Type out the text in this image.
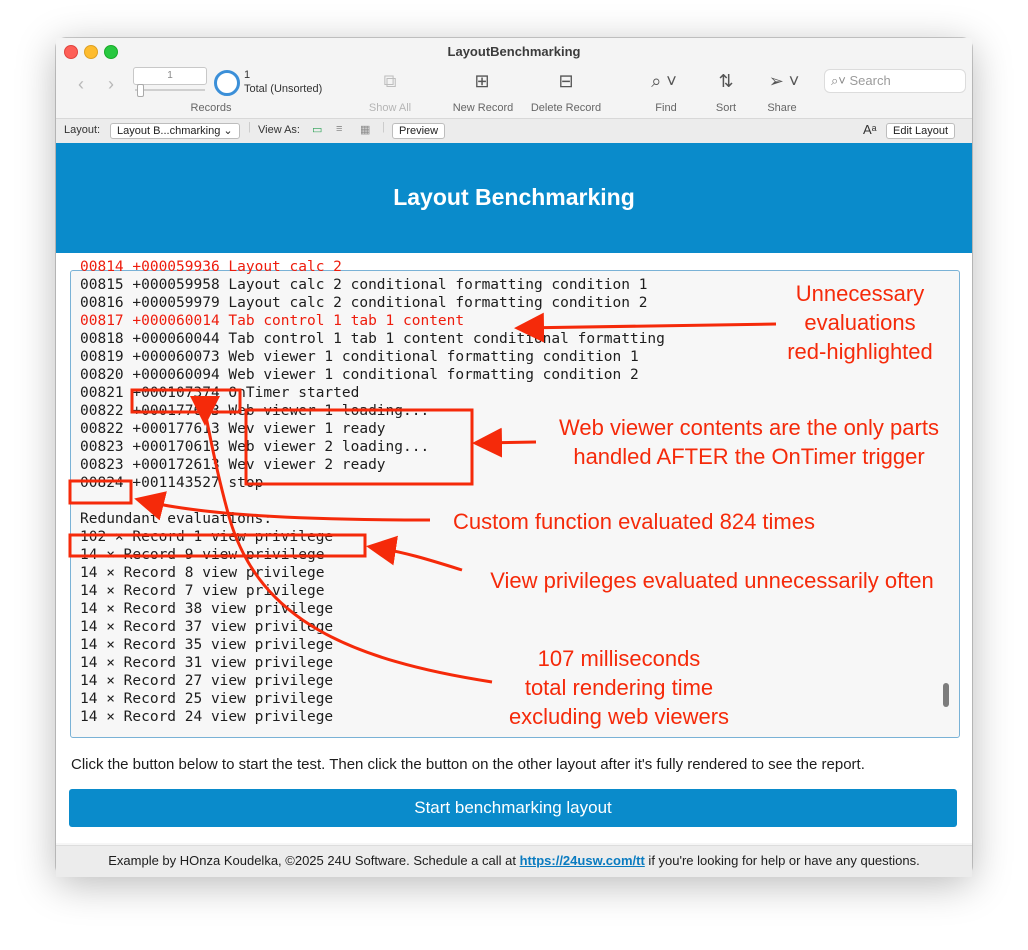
LayoutBenchmarking
‹ ›	1	1
Total (Unsorted)
Records
⧉
Show All
⊞
New Record
⊟
Delete Record
⌕ ˅
Find
⇅
Sort
➢ ˅
Share
⌕˅ Search
Layout:	Layout B...chmarking ⌄	| View As: ▭ ≡ ▦ |	Preview	Aᵃ	Edit Layout
Layout Benchmarking
00814 +000059936 Layout calc 2
00815 +000059958 Layout calc 2 conditional formatting condition 1
00816 +000059979 Layout calc 2 conditional formatting condition 2
00817 +000060014 Tab control 1 tab 1 content
00818 +000060044 Tab control 1 tab 1 content conditional formatting
00819 +000060073 Web viewer 1 conditional formatting condition 1
00820 +000060094 Web viewer 1 conditional formatting condition 2
00821 +000107374 OnTimer started
00822 +000177613 Web viewer 1 loading...
00822 +000177613 Wev viewer 1 ready
00823 +000170613 Web viewer 2 loading...
00823 +000172613 Wev viewer 2 ready
00824 +001143527 stop
Redundant evaluations:
102 × Record 1 view privilege
14 × Record 9 view privilege
14 × Record 8 view privilege
14 × Record 7 view privilege
14 × Record 38 view privilege
14 × Record 37 view privilege
14 × Record 35 view privilege
14 × Record 31 view privilege
14 × Record 27 view privilege
14 × Record 25 view privilege
14 × Record 24 view privilege
Click the button below to start the test. Then click the button on the other layout after it's fully rendered to see the report.
Start benchmarking layout
Example by HOnza Koudelka, ©2025 24U Software. Schedule a call at https://24usw.com/tt if you're looking for help or have any questions.
Unnecessary
evaluations
red-highlighted
Web viewer contents are the only parts
handled AFTER the OnTimer trigger
Custom function evaluated 824 times
View privileges evaluated unnecessarily often
107 milliseconds
total rendering time
excluding web viewers
